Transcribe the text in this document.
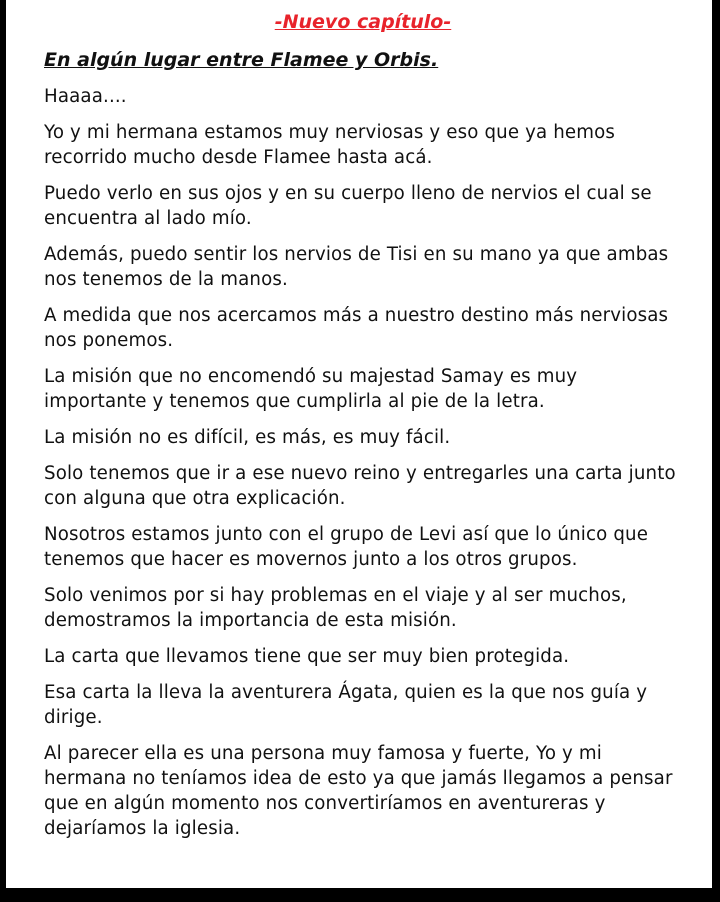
-Nuevo capítulo-
En algún lugar entre Flamee y Orbis.

Haaaa....

Yo y mi hermana estamos muy nerviosas y eso que ya hemos recorrido mucho desde Flamee hasta acá.

Puedo verlo en sus ojos y en su cuerpo lleno de nervios el cual se encuentra al lado mío.

Además, puedo sentir los nervios de Tisi en su mano ya que ambas nos tenemos de la manos.

A medida que nos acercamos más a nuestro destino más nerviosas nos ponemos.

La misión que no encomendó su majestad Samay es muy importante y tenemos que cumplirla al pie de la letra.

La misión no es difícil, es más, es muy fácil.

Solo tenemos que ir a ese nuevo reino y entregarles una carta junto con alguna que otra explicación.

Nosotros estamos junto con el grupo de Levi así que lo único que tenemos que hacer es movernos junto a los otros grupos.

Solo venimos por si hay problemas en el viaje y al ser muchos, demostramos la importancia de esta misión.

La carta que llevamos tiene que ser muy bien protegida.

Esa carta la lleva la aventurera Ágata, quien es la que nos guía y dirige.

Al parecer ella es una persona muy famosa y fuerte, Yo y mi hermana no teníamos idea de esto ya que jamás llegamos a pensar que en algún momento nos convertiríamos en aventureras y dejaríamos la iglesia.
